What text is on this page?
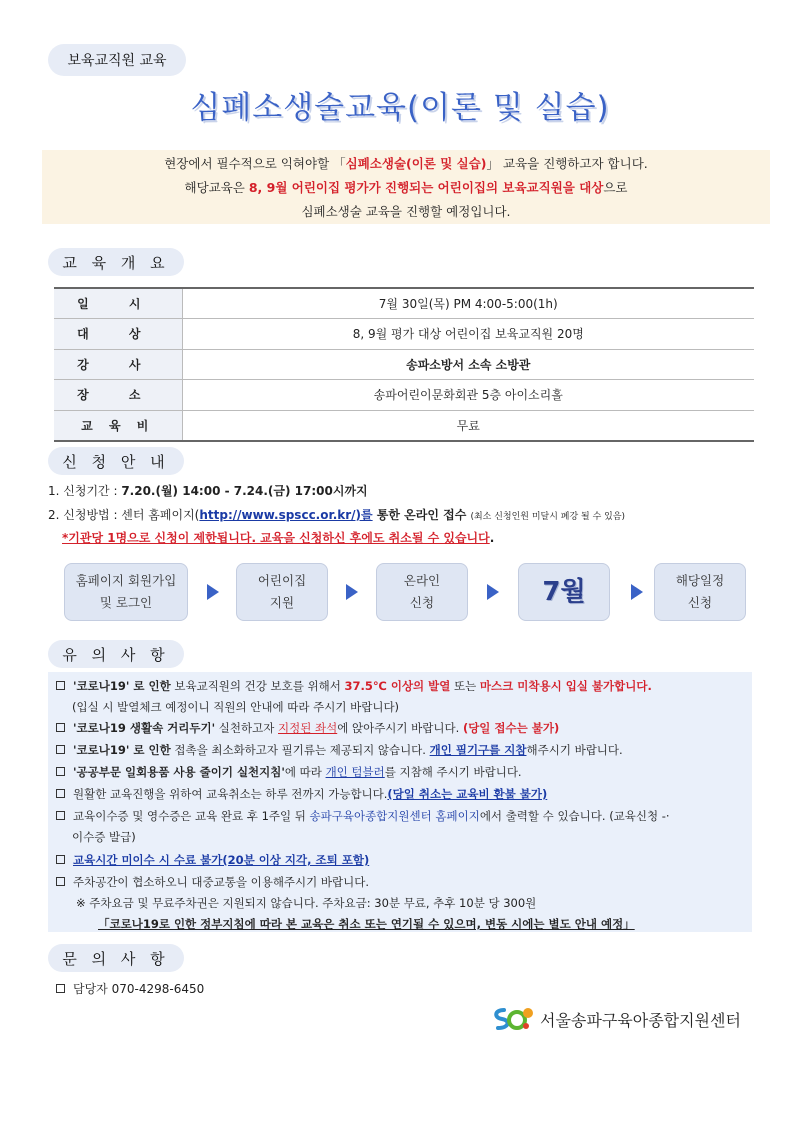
보육교직원 교육
심폐소생술교육(이론 및 실습)
현장에서 필수적으로 익혀야할 「심폐소생술(이론 및 실습)」 교육을 진행하고자 합니다.
해당교육은 8, 9월 어린이집 평가가 진행되는 어린이집의 보육교직원을 대상으로
심폐소생술 교육을 진행할 예정입니다.
교 육 개 요
일 시	7월 30일(목) PM 4:00-5:00(1h)
대 상	8, 9월 평가 대상 어린이집 보육교직원 20명
강 사	송파소방서 소속 소방관
장 소	송파어린이문화회관 5층 아이소리홀
교 육 비	무료
신 청 안 내
1. 신청기간 : 7.20.(월) 14:00 - 7.24.(금) 17:00시까지
2. 신청방법 : 센터 홈페이지(http://www.spscc.or.kr/)를 통한 온라인 접수 (최소 신청인원 미달시 폐강 될 수 있음)
*기관당 1명으로 신청이 제한됩니다. 교육을 신청하신 후에도 취소될 수 있습니다.
홈페이지 회원가입
및 로그인
어린이집
지원
온라인
신청	7월	해당일정
신청
유 의 사 항
'코로나19' 로 인한 보육교직원의 건강 보호를 위해서 37.5℃ 이상의 발열 또는 마스크 미착용시 입실 불가합니다.
(입실 시 발열체크 예정이니 직원의 안내에 따라 주시기 바랍니다)
'코로나19 생활속 거리두기' 실천하고자 지정된 좌석에 앉아주시기 바랍니다. (당일 접수는 불가)
'코로나19' 로 인한 접촉을 최소화하고자 필기류는 제공되지 않습니다. 개인 필기구를 지참해주시기 바랍니다.
'공공부문 일회용품 사용 줄이기 실천지침'에 따라 개인 텀블러를 지참해 주시기 바랍니다.
원활한 교육진행을 위하여 교육취소는 하루 전까지 가능합니다.(당일 취소는 교육비 환불 불가)
교육이수증 및 영수증은 교육 완료 후 1주일 뒤 송파구육아종합지원센터 홈페이지에서 출력할 수 있습니다. (교육신청 -·
이수증 발급)
교육시간 미이수 시 수료 불가(20분 이상 지각, 조퇴 포함)
주차공간이 협소하오니 대중교통을 이용해주시기 바랍니다.
※ 주차요금 및 무료주차권은 지원되지 않습니다. 주차요금: 30분 무료, 추후 10분 당 300원
「코로나19로 인한 정부지침에 따라 본 교육은 취소 또는 연기될 수 있으며, 변동 시에는 별도 안내 예정」
문 의 사 항
담당자 070-4298-6450
서울송파구육아종합지원센터
